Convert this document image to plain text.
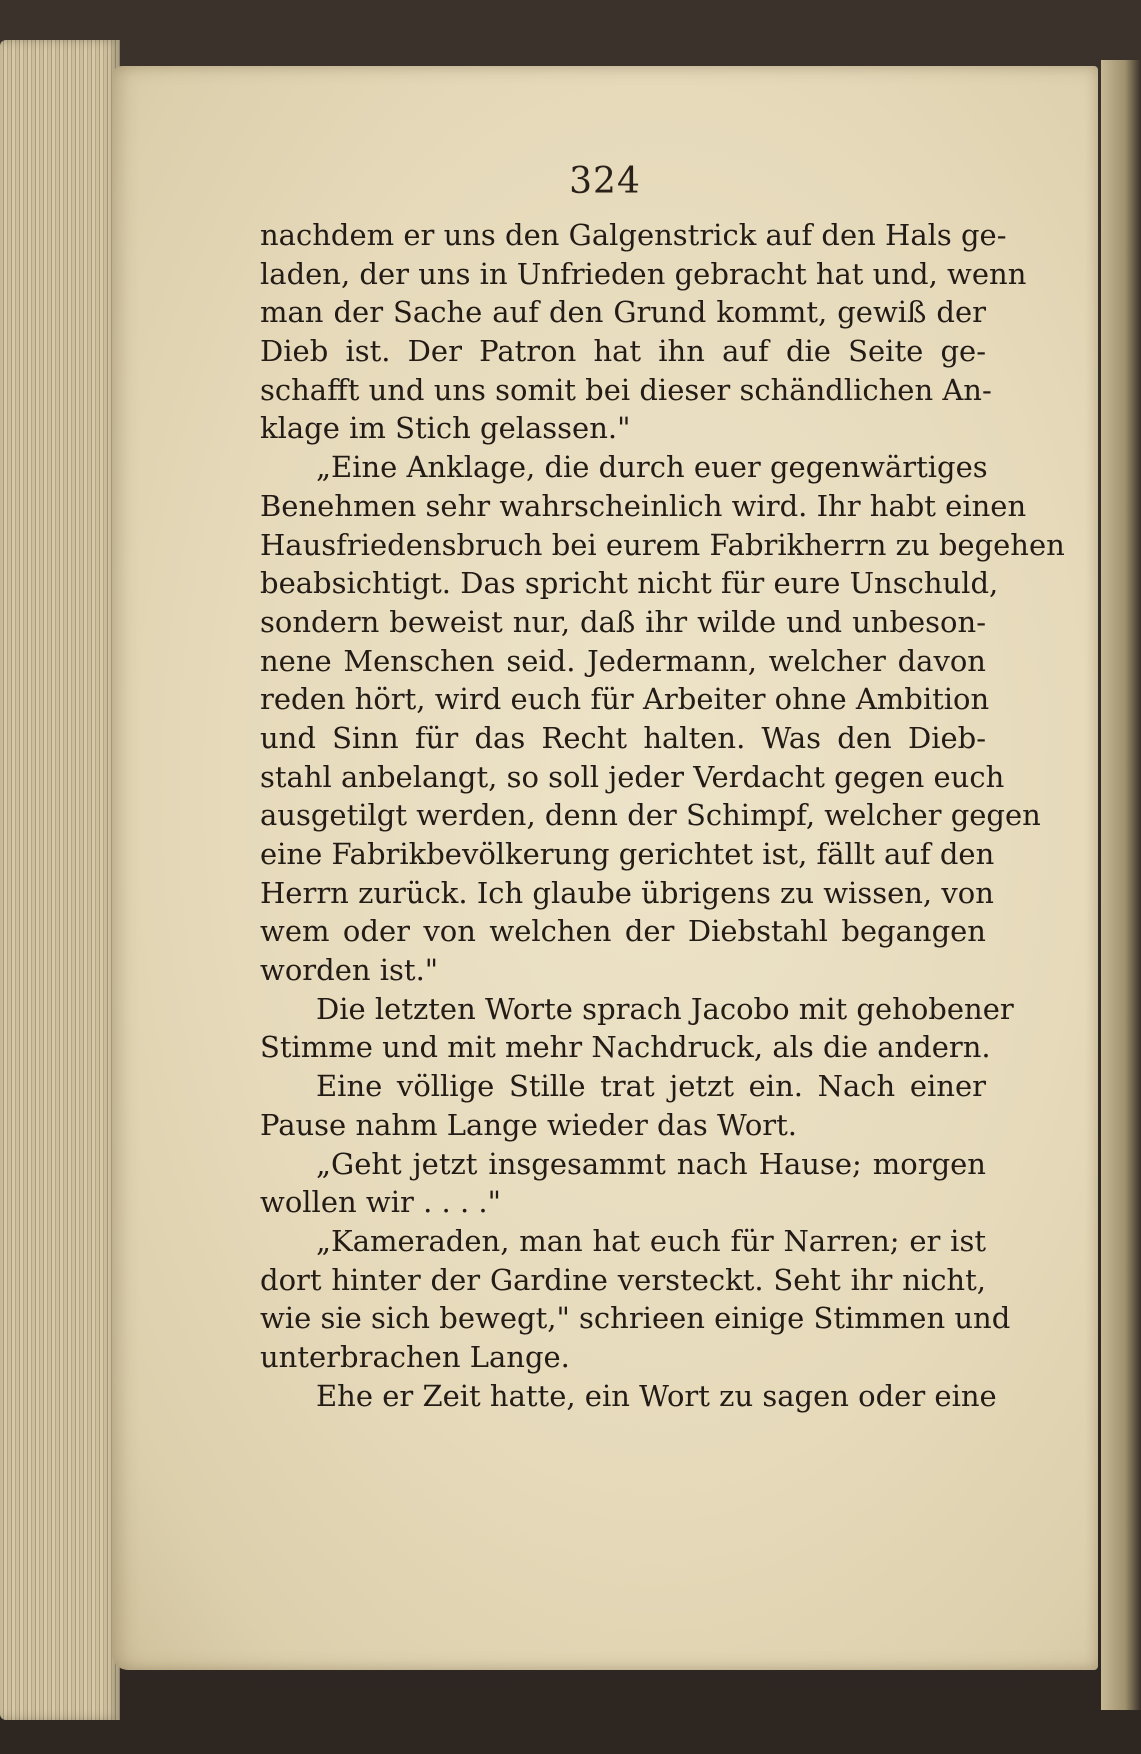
324
nachdem er uns den Galgenstrick auf den Hals ge-
laden, der uns in Unfrieden gebracht hat und, wenn
man der Sache auf den Grund kommt, gewiß der
Dieb ist. Der Patron hat ihn auf die Seite ge-
schafft und uns somit bei dieser schändlichen An-
klage im Stich gelassen."
„Eine Anklage, die durch euer gegenwärtiges
Benehmen sehr wahrscheinlich wird. Ihr habt einen
Hausfriedensbruch bei eurem Fabrikherrn zu begehen
beabsichtigt. Das spricht nicht für eure Unschuld,
sondern beweist nur, daß ihr wilde und unbeson-
nene Menschen seid. Jedermann, welcher davon
reden hört, wird euch für Arbeiter ohne Ambition
und Sinn für das Recht halten. Was den Dieb-
stahl anbelangt, so soll jeder Verdacht gegen euch
ausgetilgt werden, denn der Schimpf, welcher gegen
eine Fabrikbevölkerung gerichtet ist, fällt auf den
Herrn zurück. Ich glaube übrigens zu wissen, von
wem oder von welchen der Diebstahl begangen
worden ist."
Die letzten Worte sprach Jacobo mit gehobener
Stimme und mit mehr Nachdruck, als die andern.
Eine völlige Stille trat jetzt ein. Nach einer
Pause nahm Lange wieder das Wort.
„Geht jetzt insgesammt nach Hause; morgen
wollen wir . . . ."
„Kameraden, man hat euch für Narren; er ist
dort hinter der Gardine versteckt. Seht ihr nicht,
wie sie sich bewegt," schrieen einige Stimmen und
unterbrachen Lange.
Ehe er Zeit hatte, ein Wort zu sagen oder eine
